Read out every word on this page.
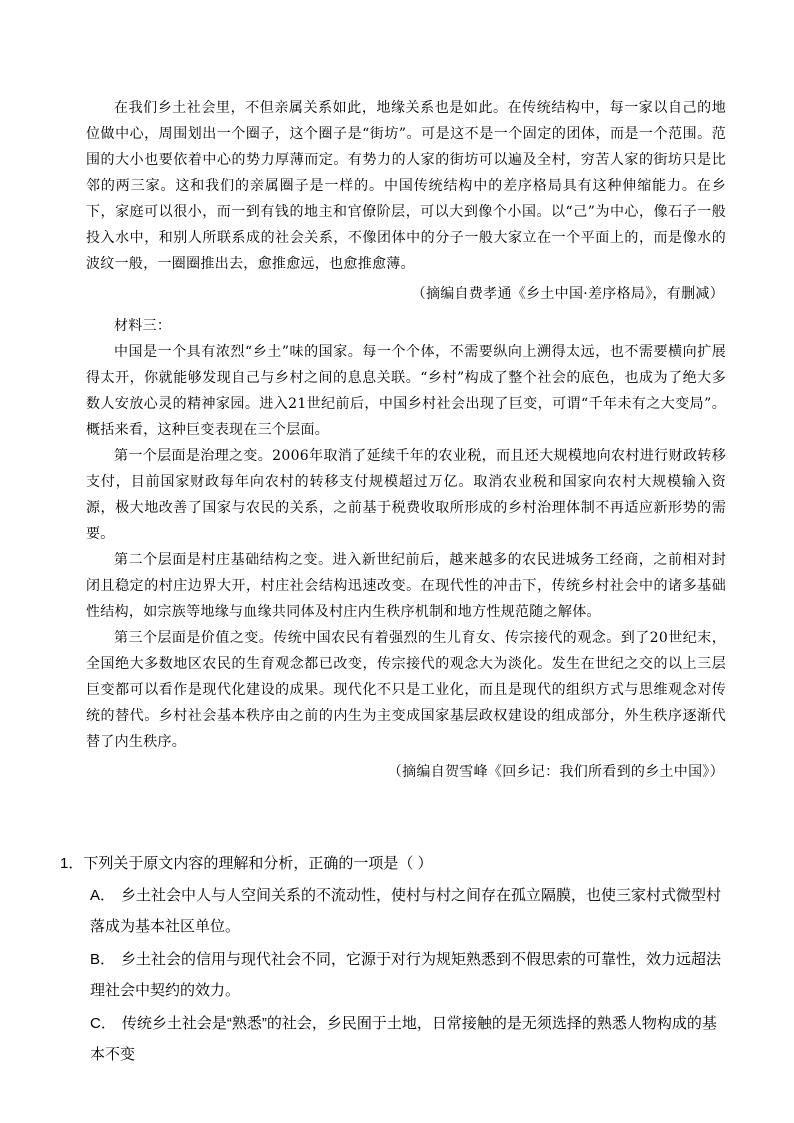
在我们乡土社会里，不但亲属关系如此，地缘关系也是如此。在传统结构中，每一家以自己的地位做中心，周围划出一个圈子，这个圈子是“街坊”。可是这不是一个固定的团体，而是一个范围。范围的大小也要依着中心的势力厚薄而定。有势力的人家的街坊可以遍及全村，穷苦人家的街坊只是比邻的两三家。这和我们的亲属圈子是一样的。中国传统结构中的差序格局具有这种伸缩能力。在乡下，家庭可以很小，而一到有钱的地主和官僚阶层，可以大到像个小国。以“己”为中心，像石子一般投入水中，和别人所联系成的社会关系，不像团体中的分子一般大家立在一个平面上的，而是像水的波纹一般，一圈圈推出去，愈推愈远，也愈推愈薄。

（摘编自费孝通《乡土中国·差序格局》，有删减）

材料三：

中国是一个具有浓烈“乡土”味的国家。每一个个体，不需要纵向上溯得太远，也不需要横向扩展得太开，你就能够发现自己与乡村之间的息息关联。“乡村”构成了整个社会的底色，也成为了绝大多数人安放心灵的精神家园。进入21世纪前后，中国乡村社会出现了巨变，可谓“千年未有之大变局”。概括来看，这种巨变表现在三个层面。

第一个层面是治理之变。2006年取消了延续千年的农业税，而且还大规模地向农村进行财政转移支付，目前国家财政每年向农村的转移支付规模超过万亿。取消农业税和国家向农村大规模输入资源，极大地改善了国家与农民的关系，之前基于税费收取所形成的乡村治理体制不再适应新形势的需要。

第二个层面是村庄基础结构之变。进入新世纪前后，越来越多的农民进城务工经商，之前相对封闭且稳定的村庄边界大开，村庄社会结构迅速改变。在现代性的冲击下，传统乡村社会中的诸多基础性结构，如宗族等地缘与血缘共同体及村庄内生秩序机制和地方性规范随之解体。

第三个层面是价值之变。传统中国农民有着强烈的生儿育女、传宗接代的观念。到了20世纪末，全国绝大多数地区农民的生育观念都已改变，传宗接代的观念大为淡化。发生在世纪之交的以上三层巨变都可以看作是现代化建设的成果。现代化不只是工业化，而且是现代的组织方式与思维观念对传统的替代。乡村社会基本秩序由之前的内生为主变成国家基层政权建设的组成部分，外生秩序逐渐代替了内生秩序。

（摘编自贺雪峰《回乡记：我们所看到的乡土中国》）

1．下列关于原文内容的理解和分析，正确的一项是（ ）

A． 乡土社会中人与人空间关系的不流动性，使村与村之间存在孤立隔膜，也使三家村式微型村落成为基本社区单位。

B． 乡土社会的信用与现代社会不同，它源于对行为规矩熟悉到不假思索的可靠性，效力远超法理社会中契约的效力。

C． 传统乡土社会是“熟悉”的社会，乡民囿于土地，日常接触的是无须选择的熟悉人物构成的基本不变
